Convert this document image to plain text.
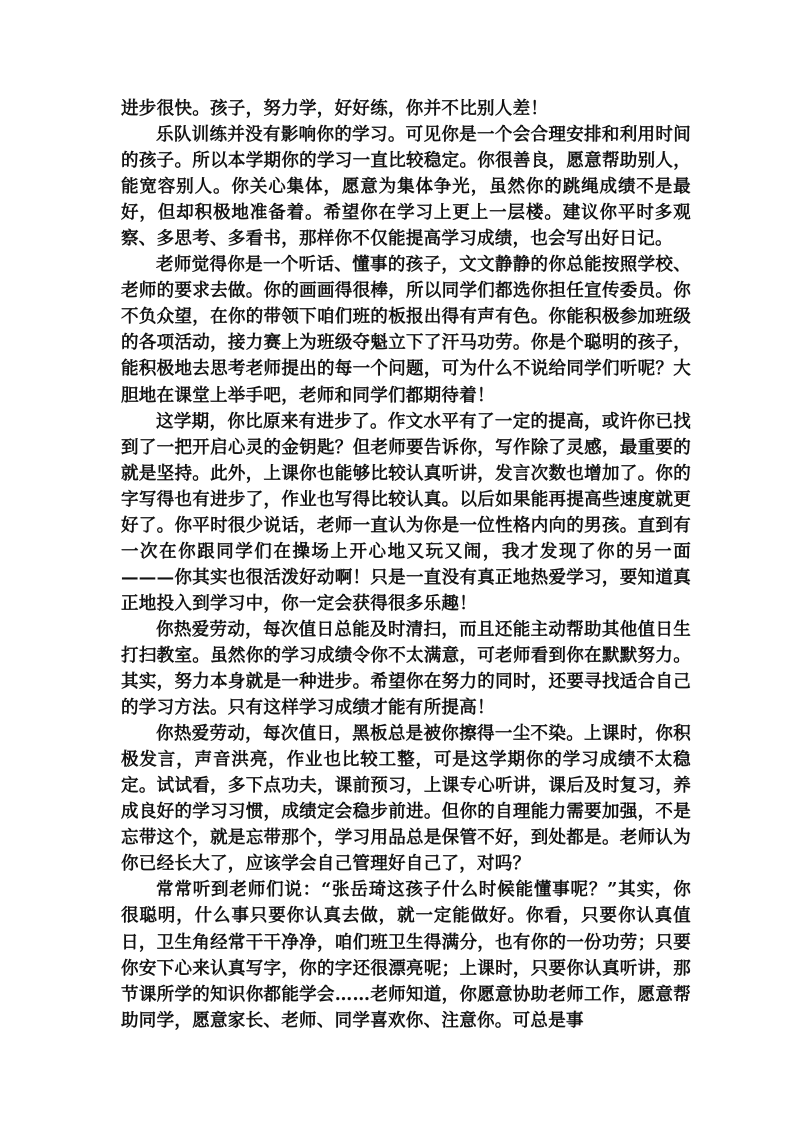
进步很快。孩子，努力学，好好练，你并不比别人差！

乐队训练并没有影响你的学习。可见你是一个会合理安排和利用时间的孩子。所以本学期你的学习一直比较稳定。你很善良，愿意帮助别人，能宽容别人。你关心集体，愿意为集体争光，虽然你的跳绳成绩不是最好，但却积极地准备着。希望你在学习上更上一层楼。建议你平时多观察、多思考、多看书，那样你不仅能提高学习成绩，也会写出好日记。

老师觉得你是一个听话、懂事的孩子，文文静静的你总能按照学校、老师的要求去做。你的画画得很棒，所以同学们都选你担任宣传委员。你不负众望，在你的带领下咱们班的板报出得有声有色。你能积极参加班级的各项活动，接力赛上为班级夺魁立下了汗马功劳。你是个聪明的孩子，能积极地去思考老师提出的每一个问题，可为什么不说给同学们听呢？大胆地在课堂上举手吧，老师和同学们都期待着！

这学期，你比原来有进步了。作文水平有了一定的提高，或许你已找到了一把开启心灵的金钥匙？但老师要告诉你，写作除了灵感，最重要的就是坚持。此外，上课你也能够比较认真听讲，发言次数也增加了。你的字写得也有进步了，作业也写得比较认真。以后如果能再提高些速度就更好了。你平时很少说话，老师一直认为你是一位性格内向的男孩。直到有一次在你跟同学们在操场上开心地又玩又闹，我才发现了你的另一面———你其实也很活泼好动啊！只是一直没有真正地热爱学习，要知道真正地投入到学习中，你一定会获得很多乐趣！

你热爱劳动，每次值日总能及时清扫，而且还能主动帮助其他值日生打扫教室。虽然你的学习成绩令你不太满意，可老师看到你在默默努力。其实，努力本身就是一种进步。希望你在努力的同时，还要寻找适合自己的学习方法。只有这样学习成绩才能有所提高！

你热爱劳动，每次值日，黑板总是被你擦得一尘不染。上课时，你积极发言，声音洪亮，作业也比较工整，可是这学期你的学习成绩不太稳定。试试看，多下点功夫，课前预习，上课专心听讲，课后及时复习，养成良好的学习习惯，成绩定会稳步前进。但你的自理能力需要加强，不是忘带这个，就是忘带那个，学习用品总是保管不好，到处都是。老师认为你已经长大了，应该学会自己管理好自己了，对吗？

常常听到老师们说：“张岳琦这孩子什么时候能懂事呢？”其实，你很聪明，什么事只要你认真去做，就一定能做好。你看，只要你认真值日，卫生角经常干干净净，咱们班卫生得满分，也有你的一份功劳；只要你安下心来认真写字，你的字还很漂亮呢；上课时，只要你认真听讲，那节课所学的知识你都能学会……老师知道，你愿意协助老师工作，愿意帮助同学，愿意家长、老师、同学喜欢你、注意你。可总是事
